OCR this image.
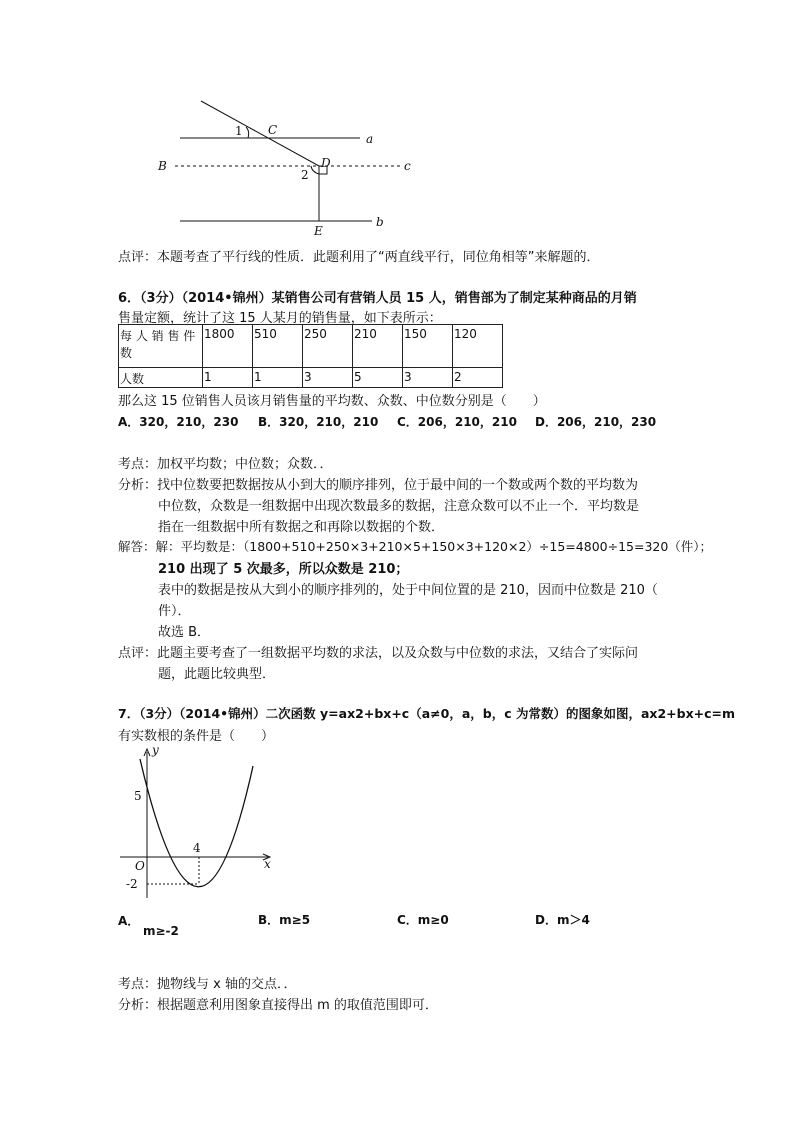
1 C
a
B	D	c
2
E
b
点评：本题考查了平行线的性质．此题利用了“两直线平行，同位角相等”来解题的．
6．（3分）（2014•锦州）某销售公司有营销人员 15 人，销售部为了制定某种商品的月销
售量定额，统计了这 15 人某月的销售量，如下表所示：
每 人 销 售 件
数	1800	510	250	210	150	120
人数	1	1	3	5	3	2
那么这 15 位销售人员该月销售量的平均数、众数、中位数分别是（　　）
A．320，210，230 B．320，210，210 C．206，210，210 D．206，210，230
考点：加权平均数；中位数；众数．．
分析：找中位数要把数据按从小到大的顺序排列，位于最中间的一个数或两个数的平均数为
中位数，众数是一组数据中出现次数最多的数据，注意众数可以不止一个．平均数是
指在一组数据中所有数据之和再除以数据的个数．
解答：解：平均数是：（1800+510+250×3+210×5+150×3+120×2）÷15=4800÷15=320（件）；
210 出现了 5 次最多，所以众数是 210；
表中的数据是按从大到小的顺序排列的，处于中间位置的是 210，因而中位数是 210（
件）．
故选 B．
点评：此题主要考查了一组数据平均数的求法，以及众数与中位数的求法，又结合了实际问
题，此题比较典型．
7．（3分）（2014•锦州）二次函数 y=ax2+bx+c（a≠0，a，b，c 为常数）的图象如图，ax2+bx+c=m
有实数根的条件是（　　）
y
5
4
O	x
-2
A．
m≥-2
B．m≥5	C．m≥0	D．m＞4
考点：抛物线与 x 轴的交点．．
分析：根据题意利用图象直接得出 m 的取值范围即可．
